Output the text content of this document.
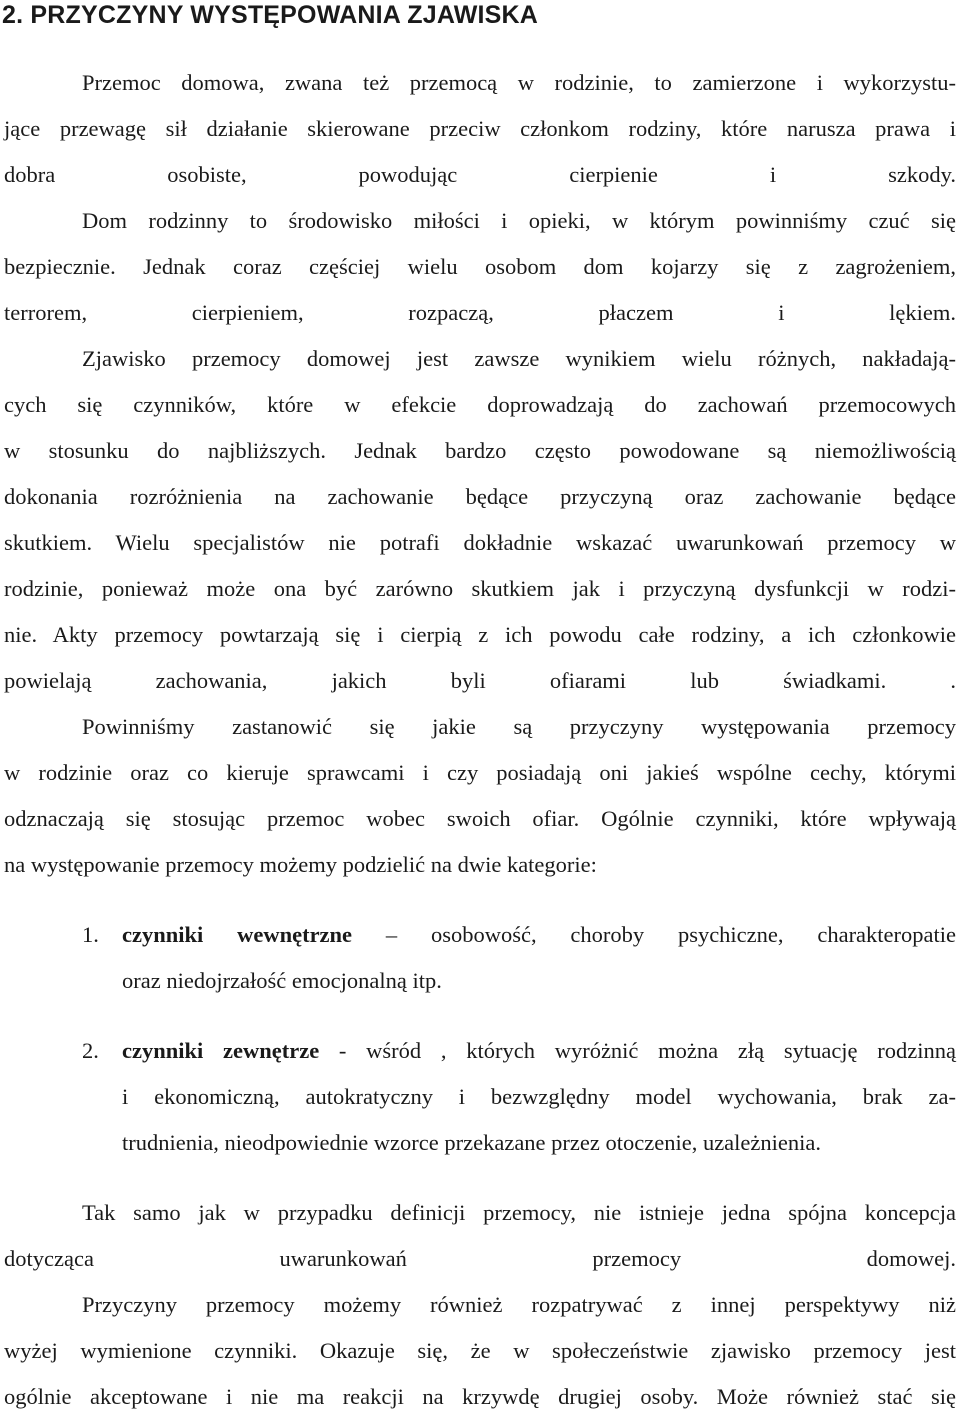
2. PRZYCZYNY WYSTĘPOWANIA ZJAWISKA

Przemoc domowa, zwana też przemocą w rodzinie, to zamierzone i wykorzystu-

jące przewagę sił działanie skierowane przeciw członkom rodziny, które narusza prawa i

dobra osobiste, powodując cierpienie i szkody.

Dom rodzinny to środowisko miłości i opieki, w którym powinniśmy czuć się

bezpiecznie. Jednak coraz częściej wielu osobom dom kojarzy się z zagrożeniem,

terrorem, cierpieniem, rozpaczą, płaczem i lękiem.

Zjawisko przemocy domowej jest zawsze wynikiem wielu różnych, nakładają-

cych się czynników, które w efekcie doprowadzają do zachowań przemocowych

w stosunku do najbliższych. Jednak bardzo często powodowane są niemożliwością

dokonania rozróżnienia na zachowanie będące przyczyną oraz zachowanie będące

skutkiem. Wielu specjalistów nie potrafi dokładnie wskazać uwarunkowań przemocy w

rodzinie, ponieważ może ona być zarówno skutkiem jak i przyczyną dysfunkcji w rodzi-

nie. Akty przemocy powtarzają się i cierpią z ich powodu całe rodziny, a ich członkowie

powielają zachowania, jakich byli ofiarami lub świadkami. .

Powinniśmy zastanowić się jakie są przyczyny występowania przemocy

w rodzinie oraz co kieruje sprawcami i czy posiadają oni jakieś wspólne cechy, którymi

odznaczają się stosując przemoc wobec swoich ofiar. Ogólnie czynniki, które wpływają

na występowanie przemocy możemy podzielić na dwie kategorie:

1. czynniki wewnętrzne – osobowość, choroby psychiczne, charakteropatie

oraz niedojrzałość emocjonalną itp.

2. czynniki zewnętrze - wśród , których wyróżnić można złą sytuację rodzinną

i ekonomiczną, autokratyczny i bezwzględny model wychowania, brak za-

trudnienia, nieodpowiednie wzorce przekazane przez otoczenie, uzależnienia.

Tak samo jak w przypadku definicji przemocy, nie istnieje jedna spójna koncepcja

dotycząca uwarunkowań przemocy domowej.

Przyczyny przemocy możemy również rozpatrywać z innej perspektywy niż

wyżej wymienione czynniki. Okazuje się, że w społeczeństwie zjawisko przemocy jest

ogólnie akceptowane i nie ma reakcji na krzywdę drugiej osoby. Może również stać się
